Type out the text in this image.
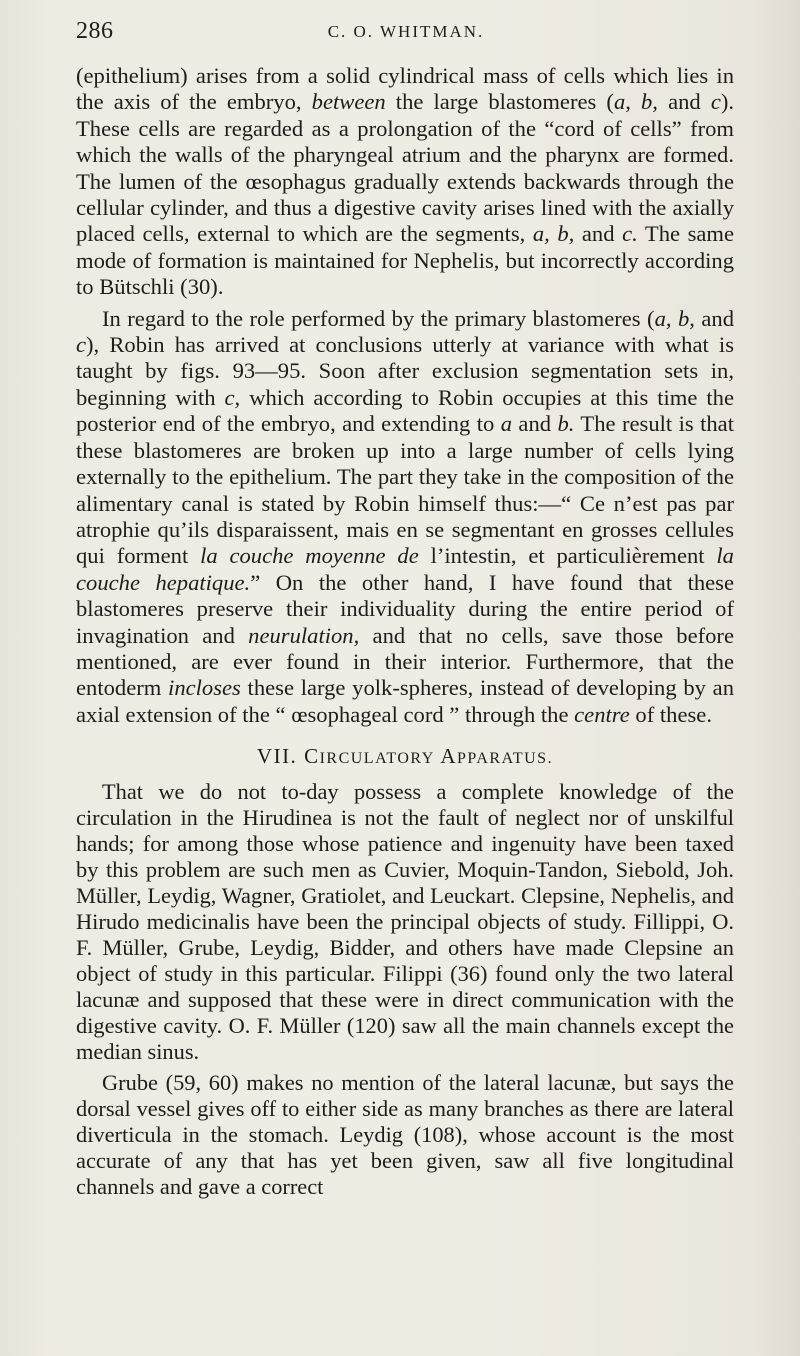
286	C. O. WHITMAN.

(epithelium) arises from a solid cylindrical mass of cells which lies in the axis of the embryo, between the large blastomeres (a, b, and c). These cells are regarded as a prolongation of the “cord of cells” from which the walls of the pharyngeal atrium and the pharynx are formed. The lumen of the œsophagus gradually extends backwards through the cellular cylinder, and thus a digestive cavity arises lined with the axially placed cells, external to which are the segments, a, b, and c. The same mode of formation is maintained for Nephelis, but incorrectly according to Bütschli (30).

In regard to the role performed by the primary blastomeres (a, b, and c), Robin has arrived at conclusions utterly at variance with what is taught by figs. 93—95. Soon after exclusion segmentation sets in, beginning with c, which according to Robin occupies at this time the posterior end of the embryo, and extending to a and b. The result is that these blastomeres are broken up into a large number of cells lying externally to the epithelium. The part they take in the composition of the alimentary canal is stated by Robin himself thus:—“ Ce n’est pas par atrophie qu’ils disparaissent, mais en se segmentant en grosses cellules qui forment la couche moyenne de l’intestin, et particulièrement la couche hepatique.” On the other hand, I have found that these blastomeres preserve their individuality during the entire period of invagination and neurulation, and that no cells, save those before mentioned, are ever found in their interior. Furthermore, that the entoderm incloses these large yolk-spheres, instead of developing by an axial extension of the “ œsophageal cord ” through the centre of these.

VII. CIRCULATORY APPARATUS.

That we do not to-day possess a complete knowledge of the circulation in the Hirudinea is not the fault of neglect nor of unskilful hands; for among those whose patience and ingenuity have been taxed by this problem are such men as Cuvier, Moquin-Tandon, Siebold, Joh. Müller, Leydig, Wagner, Gratiolet, and Leuckart. Clepsine, Nephelis, and Hirudo medicinalis have been the principal objects of study. Fillippi, O. F. Müller, Grube, Leydig, Bidder, and others have made Clepsine an object of study in this particular. Filippi (36) found only the two lateral lacunæ and supposed that these were in direct communication with the digestive cavity. O. F. Müller (120) saw all the main channels except the median sinus.

Grube (59, 60) makes no mention of the lateral lacunæ, but says the dorsal vessel gives off to either side as many branches as there are lateral diverticula in the stomach. Leydig (108), whose account is the most accurate of any that has yet been given, saw all five longitudinal channels and gave a correct
